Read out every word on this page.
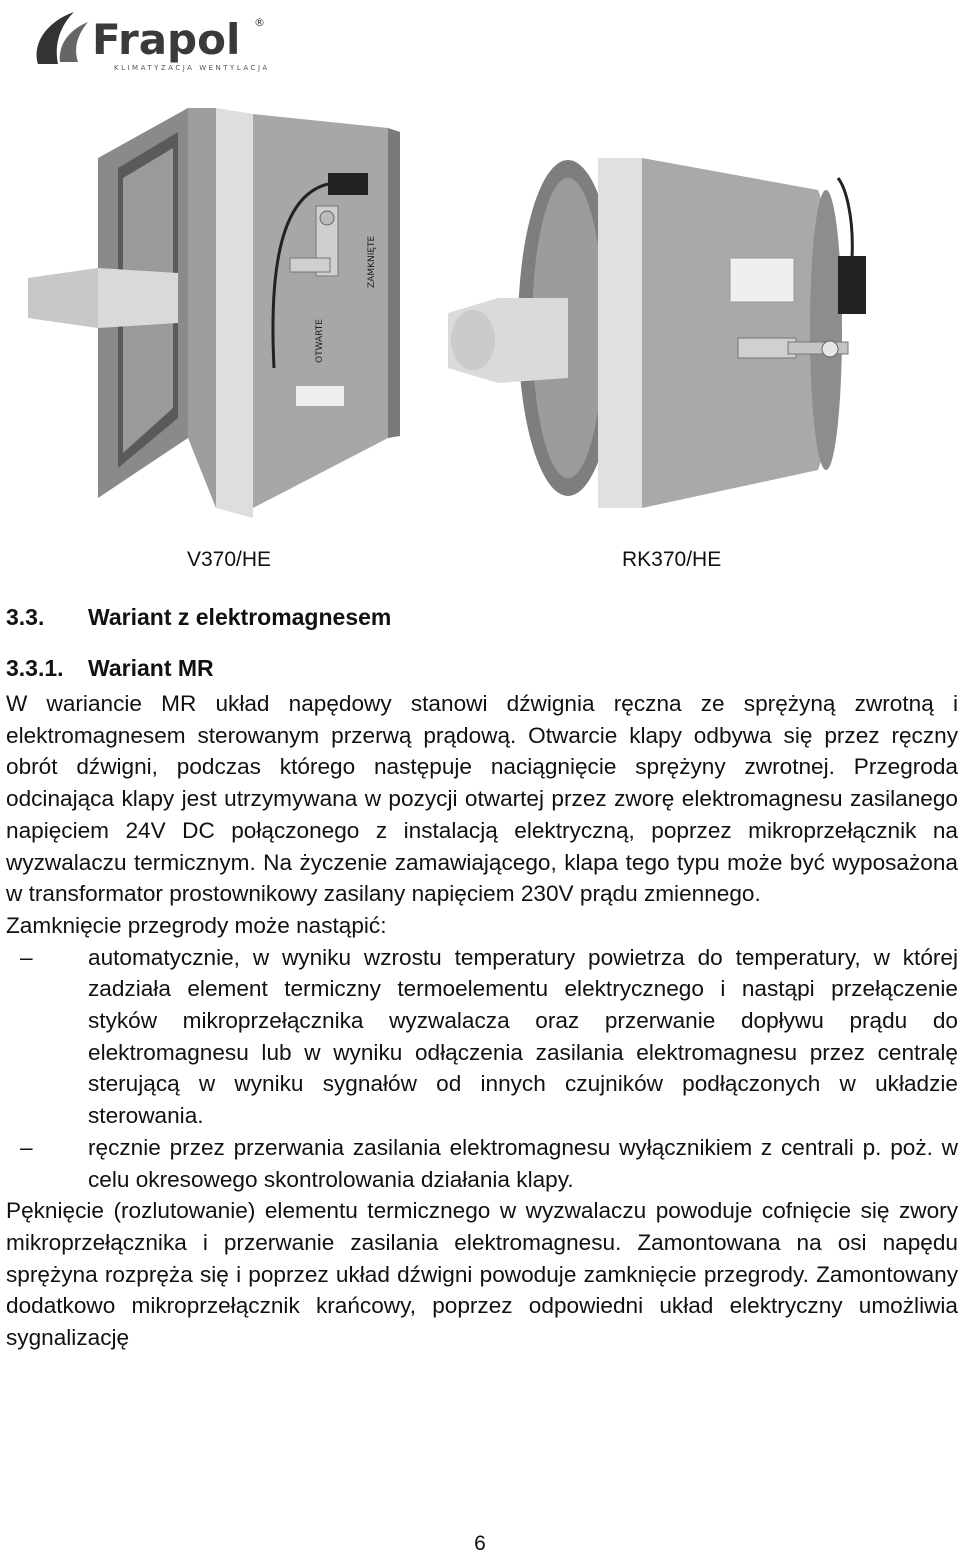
Frapol ®
KLIMATYZACJA WENTYLACJA
OTWARTE
ZAMKNIĘTE
V370/HE	RK370/HE
3.3. Wariant z elektromagnesem
3.3.1. Wariant MR

W wariancie MR układ napędowy stanowi dźwignia ręczna ze sprężyną zwrotną i elektromagnesem sterowanym przerwą prądową. Otwarcie klapy odbywa się przez ręczny obrót dźwigni, podczas którego następuje naciągnięcie sprężyny zwrotnej. Przegroda odcinająca klapy jest utrzymywana w pozycji otwartej przez zworę elektromagnesu zasilanego napięciem 24V DC połączonego z instalacją elektryczną, poprzez mikroprzełącznik na wyzwalaczu termicznym. Na życzenie zamawiającego, klapa tego typu może być wyposażona w transformator prostownikowy zasilany napięciem 230V prądu zmiennego.

Zamknięcie przegrody może nastąpić:

– automatycznie, w wyniku wzrostu temperatury powietrza do temperatury, w której zadziała element termiczny termoelementu elektrycznego i nastąpi przełączenie styków mikroprzełącznika wyzwalacza oraz przerwanie dopływu prądu do elektromagnesu lub w wyniku odłączenia zasilania elektromagnesu przez centralę sterującą w wyniku sygnałów od innych czujników podłączonych w układzie sterowania.
– ręcznie przez przerwania zasilania elektromagnesu wyłącznikiem z centrali p. poż. w celu okresowego skontrolowania działania klapy.

Pęknięcie (rozlutowanie) elementu termicznego w wyzwalaczu powoduje cofnięcie się zwory mikroprzełącznika i przerwanie zasilania elektromagnesu. Zamontowana na osi napędu sprężyna rozpręża się i poprzez układ dźwigni powoduje zamknięcie przegrody. Zamontowany dodatkowo mikroprzełącznik krańcowy, poprzez odpowiedni układ elektryczny umożliwia sygnalizację

6
